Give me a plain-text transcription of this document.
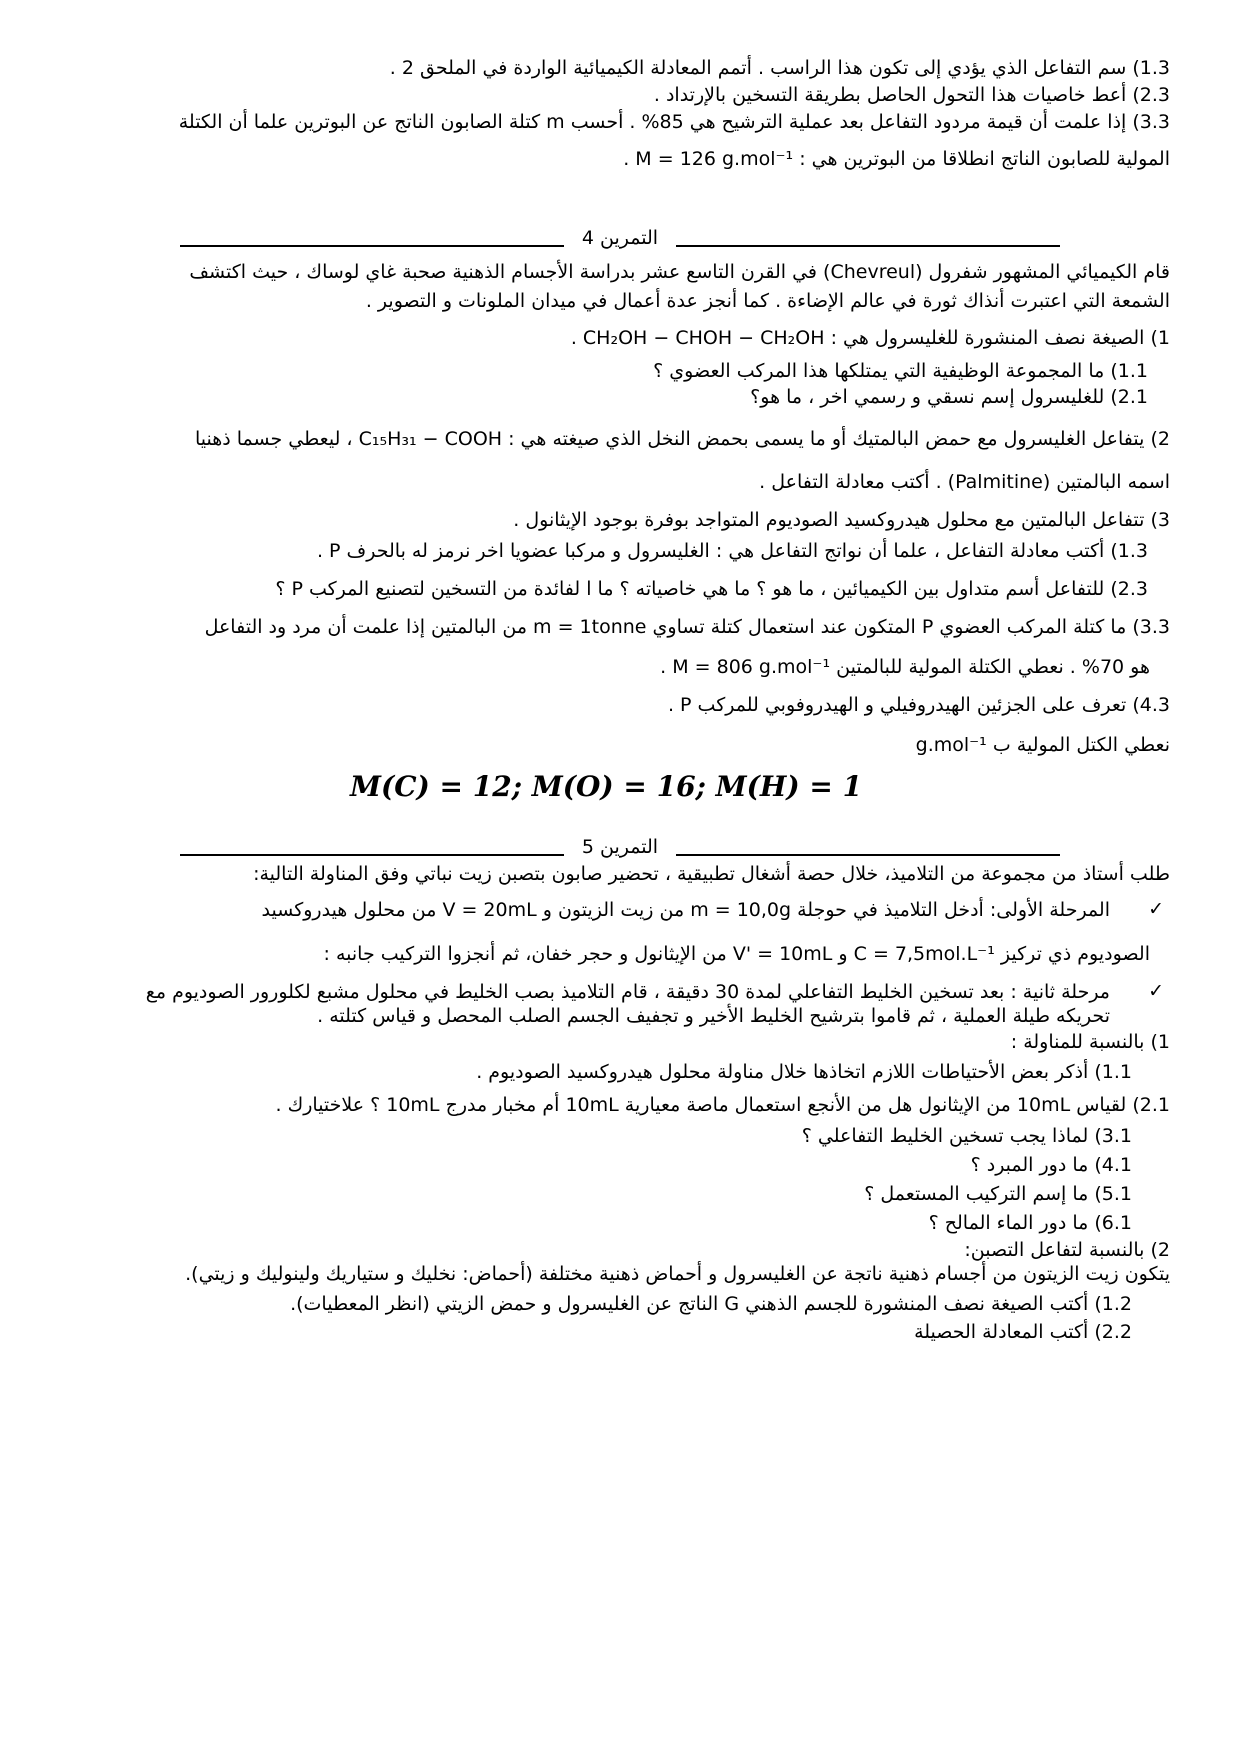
1.3) سم التفاعل الذي يؤدي إلى تكون هذا الراسب . أتمم المعادلة الكيميائية الواردة في الملحق 2 .
2.3) أعط خاصيات هذا التحول الحاصل بطريقة التسخين بالإرتداد .
3.3) إذا علمت أن قيمة مردود التفاعل بعد عملية الترشيح هي 85% . أحسب m كتلة الصابون الناتج عن البوترين علما أن الكتلة
المولية للصابون الناتج انطلاقا من البوترين هي : M = 126 g.mol⁻¹ .
التمرين 4
قام الكيميائي المشهور شفرول (Chevreul) في القرن التاسع عشر بدراسة الأجسام الذهنية صحبة غاي لوساك ، حيث اكتشف
الشمعة التي اعتبرت أنذاك ثورة في عالم الإضاءة . كما أنجز عدة أعمال في ميدان الملونات و التصوير .
1) الصيغة نصف المنشورة للغليسرول هي : CH₂OH − CHOH − CH₂OH .
1.1) ما المجموعة الوظيفية التي يمتلكها هذا المركب العضوي ؟
2.1) للغليسرول إسم نسقي و رسمي اخر ، ما هو؟
2) يتفاعل الغليسرول مع حمض البالمتيك أو ما يسمى بحمض النخل الذي صيغته هي : C₁₅H₃₁ − COOH ، ليعطي جسما ذهنيا
اسمه البالمتين (Palmitine) . أكتب معادلة التفاعل .
3) تتفاعل البالمتين مع محلول هيدروكسيد الصوديوم المتواجد بوفرة بوجود الإيثانول .
1.3) أكتب معادلة التفاعل ، علما أن نواتج التفاعل هي : الغليسرول و مركبا عضويا اخر نرمز له بالحرف P .
2.3) للتفاعل أسم متداول بين الكيميائين ، ما هو ؟ ما هي خاصياته ؟ ما ا لفائدة من التسخين لتصنيع المركب P ؟
3.3) ما كتلة المركب العضوي P المتكون عند استعمال كتلة تساوي m = 1tonne من البالمتين إذا علمت أن مرد ود التفاعل
هو 70% . نعطي الكتلة المولية للبالمتين M = 806 g.mol⁻¹ .
4.3) تعرف على الجزئين الهيدروفيلي و الهيدروفوبي للمركب P .
نعطي الكتل المولية ب g.mol⁻¹
M(C) = 12; M(O) = 16; M(H) = 1
التمرين 5
طلب أستاذ من مجموعة من التلاميذ، خلال حصة أشغال تطبيقية ، تحضير صابون بتصبن زيت نباتي وفق المناولة التالية:
✓
المرحلة الأولى: أدخل التلاميذ في حوجلة m = 10,0g من زيت الزيتون و V = 20mL من محلول هيدروكسيد
الصوديوم ذي تركيز C = 7,5mol.L⁻¹ و V' = 10mL من الإيثانول و حجر خفان، ثم أنجزوا التركيب جانبه :
✓
مرحلة ثانية : بعد تسخين الخليط التفاعلي لمدة 30 دقيقة ، قام التلاميذ بصب الخليط في محلول مشبع لكلورور الصوديوم مع
تحريكه طيلة العملية ، ثم قاموا بترشيح الخليط الأخير و تجفيف الجسم الصلب المحصل و قياس كتلته .
1) بالنسبة للمناولة :
1.1) أذكر بعض الأحتياطات اللازم اتخاذها خلال مناولة محلول هيدروكسيد الصوديوم .
2.1) لقياس 10mL من الإيثانول هل من الأنجع استعمال ماصة معيارية 10mL أم مخبار مدرج 10mL ؟ علاختيارك .
3.1) لماذا يجب تسخين الخليط التفاعلي ؟
4.1) ما دور المبرد ؟
5.1) ما إسم التركيب المستعمل ؟
6.1) ما دور الماء المالح ؟
2) بالنسبة لتفاعل التصبن:
يتكون زيت الزيتون من أجسام ذهنية ناتجة عن الغليسرول و أحماض ذهنية مختلفة (أحماض: نخليك و ستياريك ولينوليك و زيتي).
1.2) أكتب الصيغة نصف المنشورة للجسم الذهني G الناتج عن الغليسرول و حمض الزيتي (انظر المعطيات).
2.2) أكتب المعادلة الحصيلة
